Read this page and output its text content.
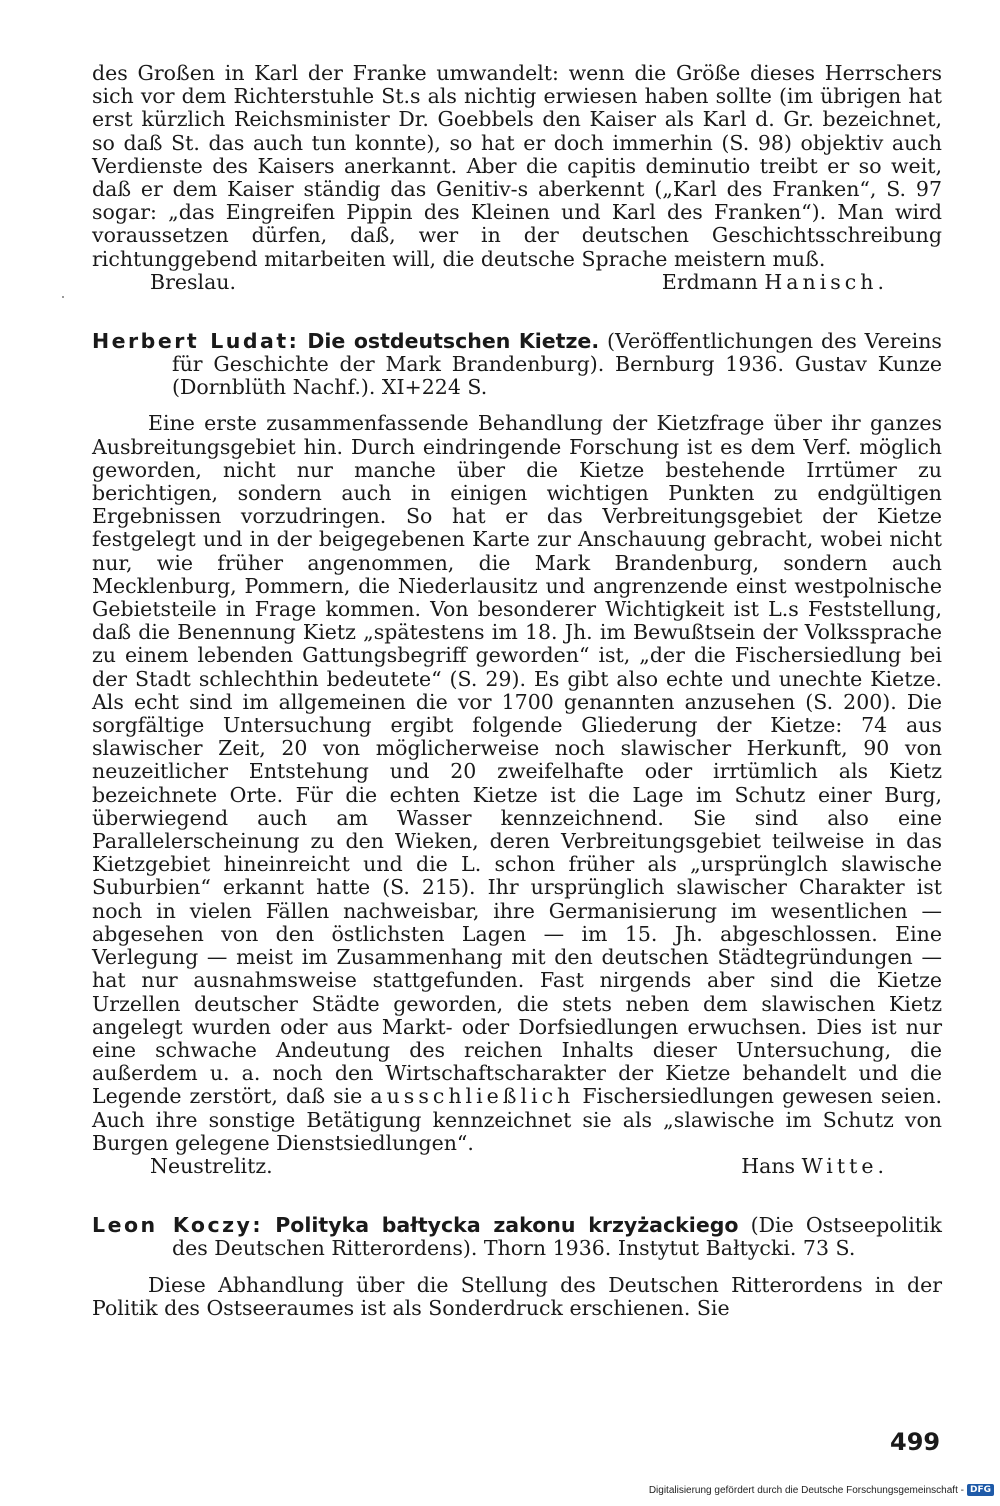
des Großen in Karl der Franke umwandelt: wenn die Größe dieses Herrschers sich vor dem Richterstuhle St.s als nichtig erwiesen haben sollte (im übrigen hat erst kürzlich Reichsminister Dr. Goebbels den Kaiser als Karl d. Gr. bezeichnet, so daß St. das auch tun konnte), so hat er doch immerhin (S. 98) objektiv auch Verdienste des Kaisers anerkannt. Aber die capitis deminutio treibt er so weit, daß er dem Kaiser ständig das Genitiv-s aberkennt („Karl des Franken“, S. 97 sogar: „das Eingreifen Pippin des Kleinen und Karl des Franken“). Man wird voraussetzen dürfen, daß, wer in der deutschen Geschichtsschreibung richtunggebend mitarbeiten will, die deutsche Sprache meistern muß.

Breslau.	Erdmann Hanisch.

Herbert Ludat: Die ostdeutschen Kietze. (Veröffentlichungen des Vereins für Geschichte der Mark Brandenburg). Bernburg 1936. Gustav Kunze (Dornblüth Nachf.). XI+224 S.

Eine erste zusammenfassende Behandlung der Kietzfrage über ihr ganzes Ausbreitungsgebiet hin. Durch eindringende Forschung ist es dem Verf. möglich geworden, nicht nur manche über die Kietze bestehende Irrtümer zu berichtigen, sondern auch in einigen wichtigen Punkten zu endgültigen Ergebnissen vorzudringen. So hat er das Verbreitungsgebiet der Kietze festgelegt und in der beigegebenen Karte zur Anschauung gebracht, wobei nicht nur, wie früher angenommen, die Mark Brandenburg, sondern auch Mecklenburg, Pommern, die Niederlausitz und angrenzende einst westpolnische Gebietsteile in Frage kommen. Von besonderer Wichtigkeit ist L.s Feststellung, daß die Benennung Kietz „spätestens im 18. Jh. im Bewußtsein der Volkssprache zu einem lebenden Gattungsbegriff geworden“ ist, „der die Fischersiedlung bei der Stadt schlechthin bedeutete“ (S. 29). Es gibt also echte und unechte Kietze. Als echt sind im allgemeinen die vor 1700 genannten anzusehen (S. 200). Die sorgfältige Untersuchung ergibt folgende Gliederung der Kietze: 74 aus slawischer Zeit, 20 von möglicherweise noch slawischer Herkunft, 90 von neuzeitlicher Entstehung und 20 zweifelhafte oder irrtümlich als Kietz bezeichnete Orte. Für die echten Kietze ist die Lage im Schutz einer Burg, überwiegend auch am Wasser kennzeichnend. Sie sind also eine Parallelerscheinung zu den Wieken, deren Verbreitungsgebiet teilweise in das Kietzgebiet hineinreicht und die L. schon früher als „ursprünglch slawische Suburbien“ erkannt hatte (S. 215). Ihr ursprünglich slawischer Charakter ist noch in vielen Fällen nachweisbar, ihre Germanisierung im wesentlichen — abgesehen von den östlichsten Lagen — im 15. Jh. abgeschlossen. Eine Verlegung — meist im Zusammenhang mit den deutschen Städtegründungen — hat nur ausnahmsweise stattgefunden. Fast nirgends aber sind die Kietze Urzellen deutscher Städte geworden, die stets neben dem slawischen Kietz angelegt wurden oder aus Markt- oder Dorfsiedlungen erwuchsen. Dies ist nur eine schwache Andeutung des reichen Inhalts dieser Untersuchung, die außerdem u. a. noch den Wirtschaftscharakter der Kietze behandelt und die Legende zerstört, daß sie ausschließlich Fischersiedlungen gewesen seien. Auch ihre sonstige Betätigung kennzeichnet sie als „slawische im Schutz von Burgen gelegene Dienstsiedlungen“.

Neustrelitz.	Hans Witte.

Leon Koczy: Polityka bałtycka zakonu krzyżackiego (Die Ostseepolitik des Deutschen Ritterordens). Thorn 1936. Instytut Bałtycki. 73 S.

Diese Abhandlung über die Stellung des Deutschen Ritterordens in der Politik des Ostseeraumes ist als Sonderdruck erschienen. Sie

499
Digitalisierung gefördert durch die Deutsche Forschungsgemeinschaft - DFG
